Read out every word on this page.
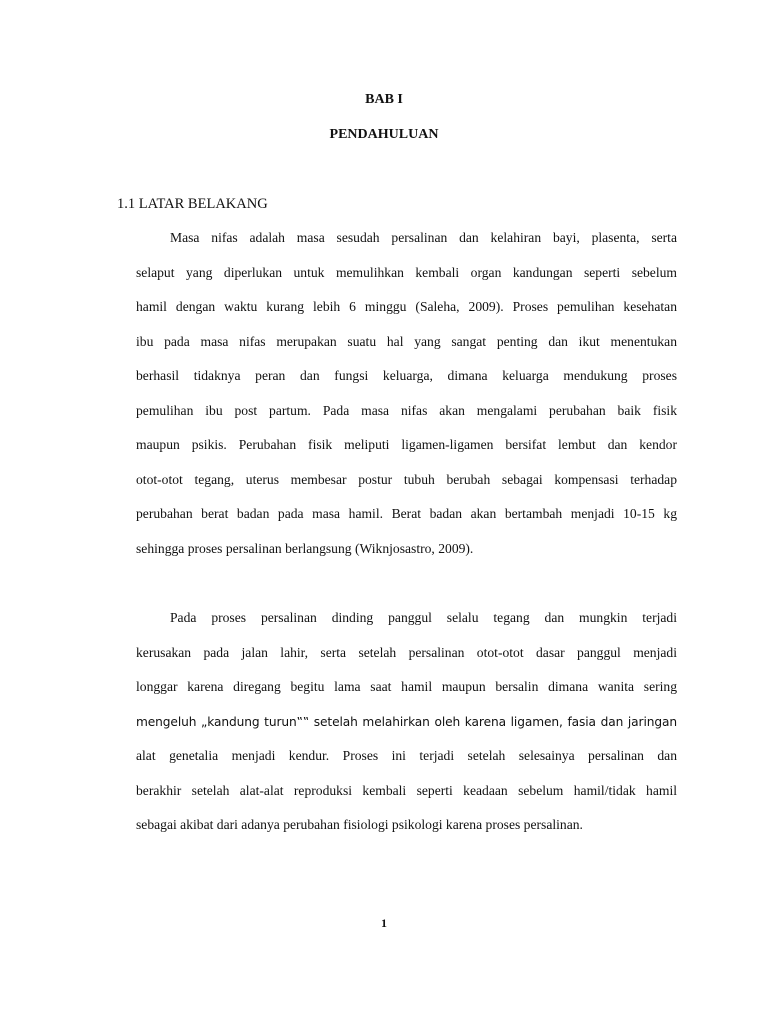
BAB I
PENDAHULUAN
1.1 LATAR BELAKANG
Masa nifas adalah masa sesudah persalinan dan kelahiran bayi, plasenta, serta
selaput yang diperlukan untuk memulihkan kembali organ kandungan seperti sebelum
hamil dengan waktu kurang lebih 6 minggu (Saleha, 2009). Proses pemulihan kesehatan
ibu pada masa nifas merupakan suatu hal yang sangat penting dan ikut menentukan
berhasil tidaknya peran dan fungsi keluarga, dimana keluarga mendukung proses
pemulihan ibu post partum. Pada masa nifas akan mengalami perubahan baik fisik
maupun psikis. Perubahan fisik meliputi ligamen-ligamen bersifat lembut dan kendor
otot-otot tegang, uterus membesar postur tubuh berubah sebagai kompensasi terhadap
perubahan berat badan pada masa hamil. Berat badan akan bertambah menjadi 10-15 kg
sehingga proses persalinan berlangsung (Wiknjosastro, 2009).
Pada proses persalinan dinding panggul selalu tegang dan mungkin terjadi
kerusakan pada jalan lahir, serta setelah persalinan otot-otot dasar panggul menjadi
longgar karena diregang begitu lama saat hamil maupun bersalin dimana wanita sering
mengeluh „kandung turun‟‟ setelah melahirkan oleh karena ligamen, fasia dan jaringan
alat genetalia menjadi kendur. Proses ini terjadi setelah selesainya persalinan dan
berakhir setelah alat-alat reproduksi kembali seperti keadaan sebelum hamil/tidak hamil
sebagai akibat dari adanya perubahan fisiologi psikologi karena proses persalinan.
1
